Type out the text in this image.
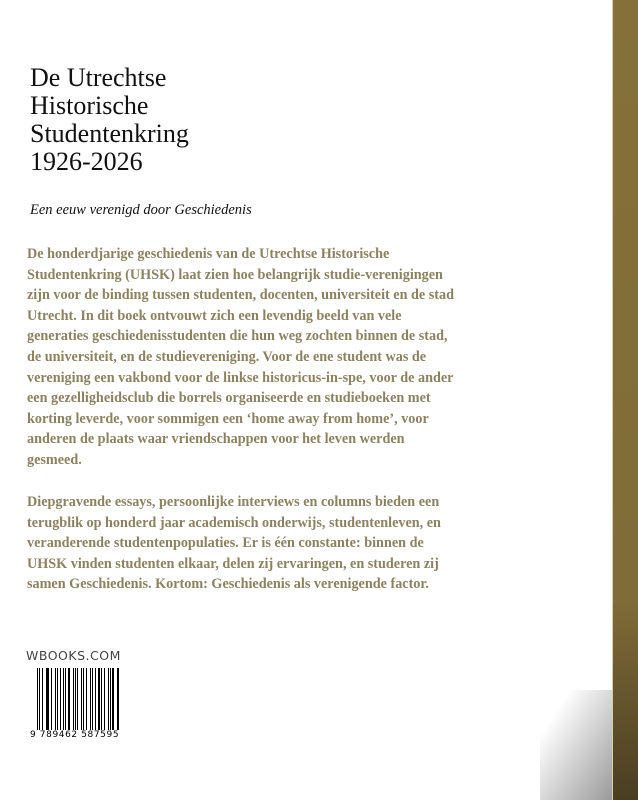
De Utrechtse
Historische
Studentenkring
1926-2026
Een eeuw verenigd door Geschiedenis

De honderdjarige geschiedenis van de Utrechtse Historische Studentenkring (UHSK) laat zien hoe belangrijk studie-verenigingen zijn voor de binding tussen studenten, docenten, universiteit en de stad Utrecht. In dit boek ontvouwt zich een levendig beeld van vele generaties geschiedenisstudenten die hun weg zochten binnen de stad, de universiteit, en de studievereniging. Voor de ene student was de vereniging een vakbond voor de linkse historicus-in-spe, voor de ander een gezelligheidsclub die borrels organiseerde en studieboeken met korting leverde, voor sommigen een ‘home away from home’, voor anderen de plaats waar vriendschappen voor het leven werden gesmeed.

Diepgravende essays, persoonlijke interviews en columns bieden een terugblik op honderd jaar academisch onderwijs, studentenleven, en veranderende studentenpopulaties. Er is één constante: binnen de UHSK vinden studenten elkaar, delen zij ervaringen, en studeren zij samen Geschiedenis. Kortom: Geschiedenis als verenigende factor.

WBOOKS.COM
9 789462 587595
